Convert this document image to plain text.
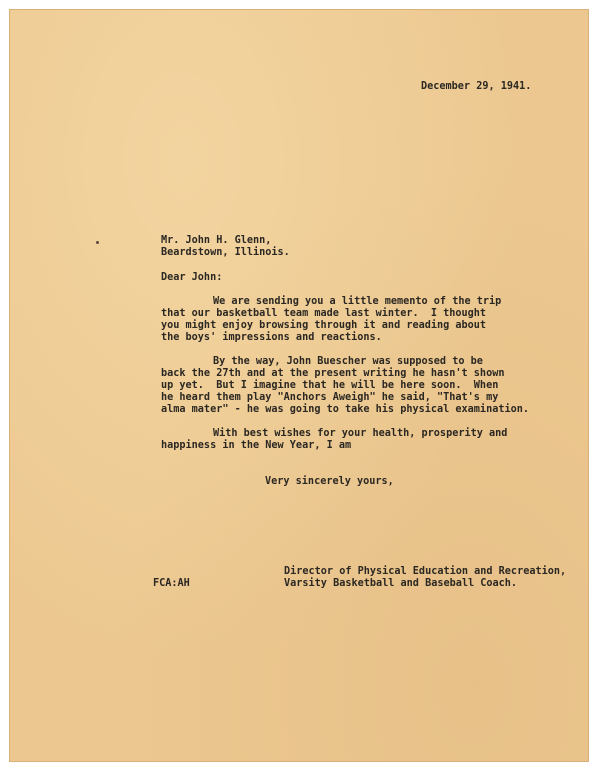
December 29, 1941.
Mr. John H. Glenn,
Beardstown, Illinois.
Dear John:
We are sending you a little memento of the trip
that our basketball team made last winter.  I thought
you might enjoy browsing through it and reading about
the boys' impressions and reactions.
By the way, John Buescher was supposed to be
back the 27th and at the present writing he hasn't shown
up yet.  But I imagine that he will be here soon.  When
he heard them play "Anchors Aweigh" he said, "That's my
alma mater" - he was going to take his physical examination.
With best wishes for your health, prosperity and
happiness in the New Year, I am
Very sincerely yours,
Director of Physical Education and Recreation,
Varsity Basketball and Baseball Coach.
FCA:AH
